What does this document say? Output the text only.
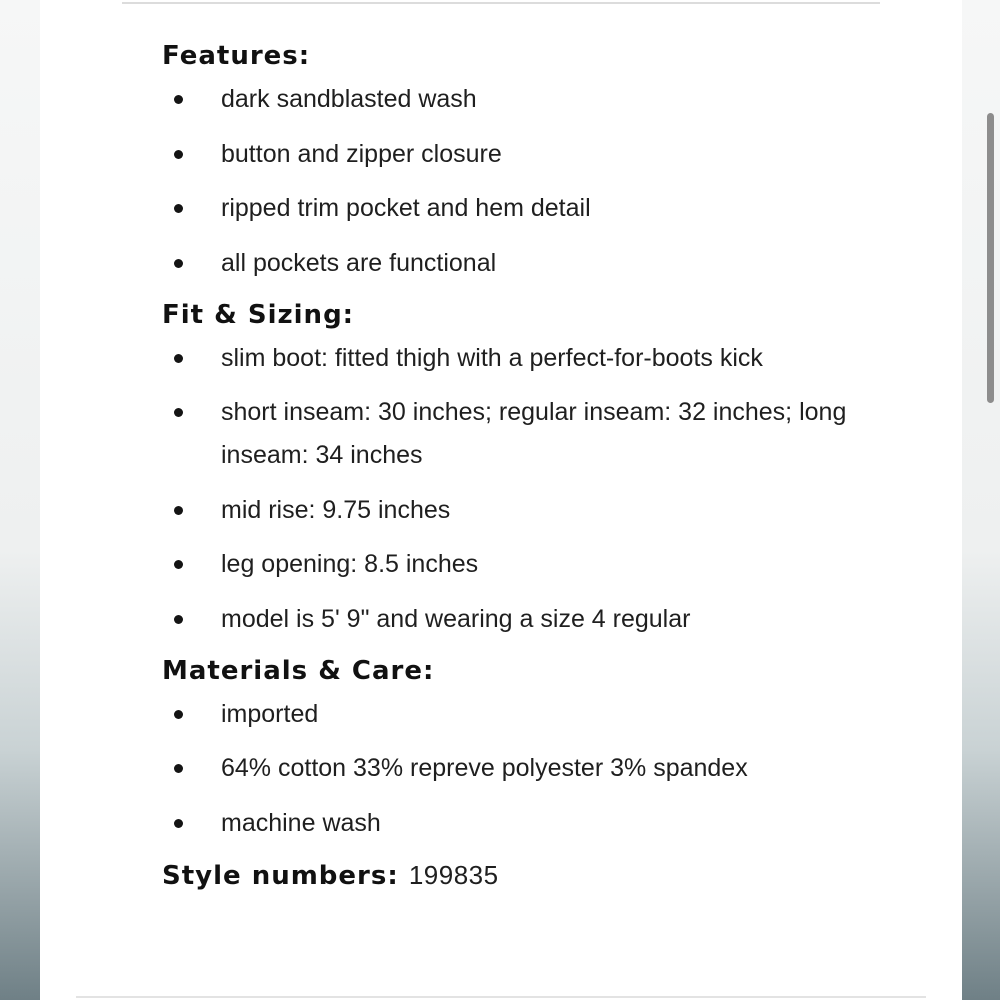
Features:
dark sandblasted wash
button and zipper closure
ripped trim pocket and hem detail
all pockets are functional
Fit & Sizing:
slim boot: fitted thigh with a perfect-for-boots kick
short inseam: 30 inches; regular inseam: 32 inches; long inseam: 34 inches
mid rise: 9.75 inches
leg opening: 8.5 inches
model is 5' 9" and wearing a size 4 regular
Materials & Care:
imported
64% cotton 33% repreve polyester 3% spandex
machine wash
Style numbers: 199835
